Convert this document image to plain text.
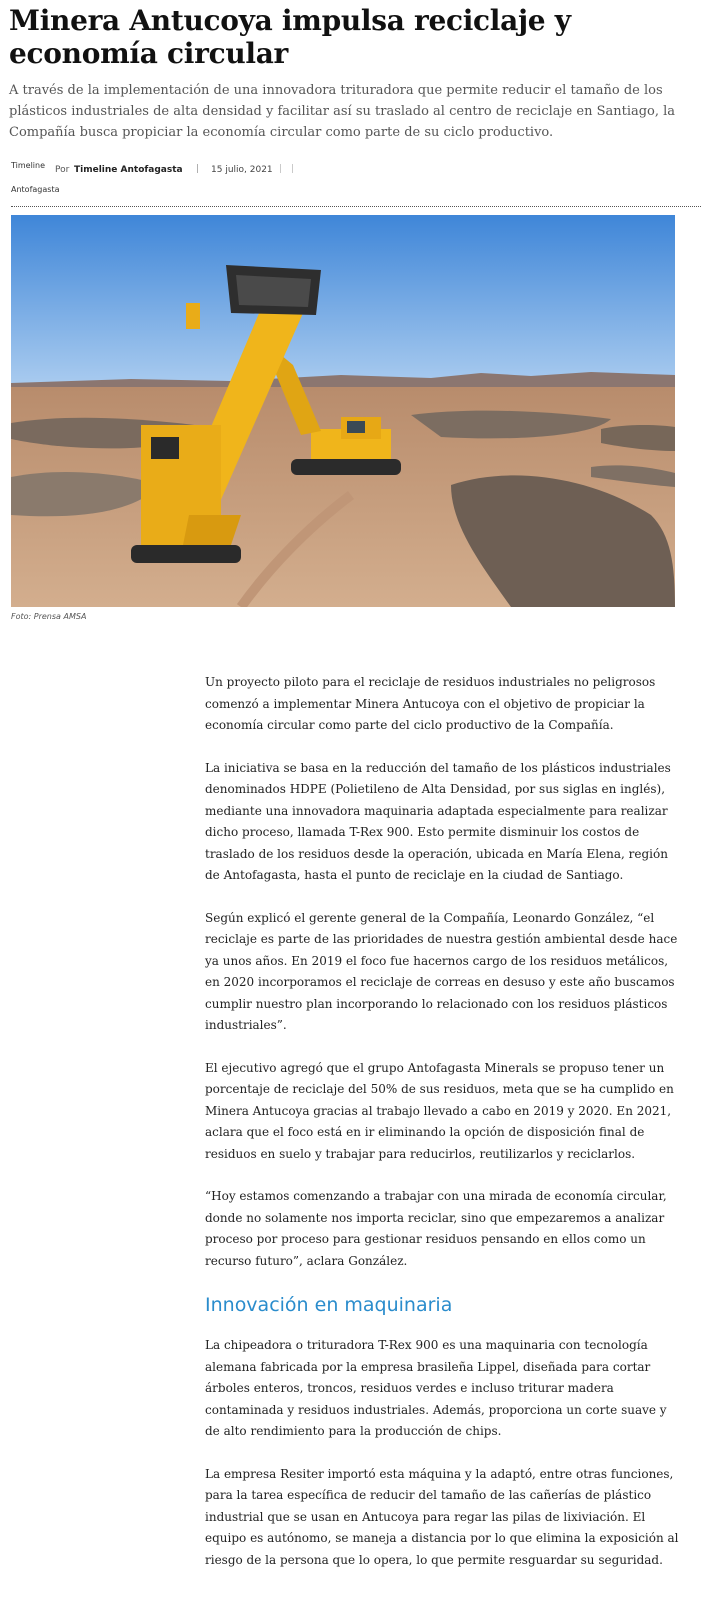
Minera Antucoya impulsa reciclaje y economía circular

A través de la implementación de una innovadora trituradora que permite reducir el tamaño de los plásticos industriales de alta densidad y facilitar así su traslado al centro de reciclaje en Santiago, la Compañía busca propiciar la economía circular como parte de su ciclo productivo.

Timeline
Antofagasta
Por Timeline Antofagasta | 15 julio, 2021 | |
Foto: Prensa AMSA

Un proyecto piloto para el reciclaje de residuos industriales no peligrosos comenzó a implementar Minera Antucoya con el objetivo de propiciar la economía circular como parte del ciclo productivo de la Compañía.

La iniciativa se basa en la reducción del tamaño de los plásticos industriales denominados HDPE (Polietileno de Alta Densidad, por sus siglas en inglés), mediante una innovadora maquinaria adaptada especialmente para realizar dicho proceso, llamada T-Rex 900. Esto permite disminuir los costos de traslado de los residuos desde la operación, ubicada en María Elena, región de Antofagasta, hasta el punto de reciclaje en la ciudad de Santiago.

Según explicó el gerente general de la Compañía, Leonardo González, “el reciclaje es parte de las prioridades de nuestra gestión ambiental desde hace ya unos años. En 2019 el foco fue hacernos cargo de los residuos metálicos, en 2020 incorporamos el reciclaje de correas en desuso y este año buscamos cumplir nuestro plan incorporando lo relacionado con los residuos plásticos industriales”.

El ejecutivo agregó que el grupo Antofagasta Minerals se propuso tener un porcentaje de reciclaje del 50% de sus residuos, meta que se ha cumplido en Minera Antucoya gracias al trabajo llevado a cabo en 2019 y 2020. En 2021, aclara que el foco está en ir eliminando la opción de disposición final de residuos en suelo y trabajar para reducirlos, reutilizarlos y reciclarlos.

“Hoy estamos comenzando a trabajar con una mirada de economía circular, donde no solamente nos importa reciclar, sino que empezaremos a analizar proceso por proceso para gestionar residuos pensando en ellos como un recurso futuro”, aclara González.

Innovación en maquinaria

La chipeadora o trituradora T-Rex 900 es una maquinaria con tecnología alemana fabricada por la empresa brasileña Lippel, diseñada para cortar árboles enteros, troncos, residuos verdes e incluso triturar madera contaminada y residuos industriales. Además, proporciona un corte suave y de alto rendimiento para la producción de chips.

La empresa Resiter importó esta máquina y la adaptó, entre otras funciones, para la tarea específica de reducir del tamaño de las cañerías de plástico industrial que se usan en Antucoya para regar las pilas de lixiviación. El equipo es autónomo, se maneja a distancia por lo que elimina la exposición al riesgo de la persona que lo opera, lo que permite resguardar su seguridad.
